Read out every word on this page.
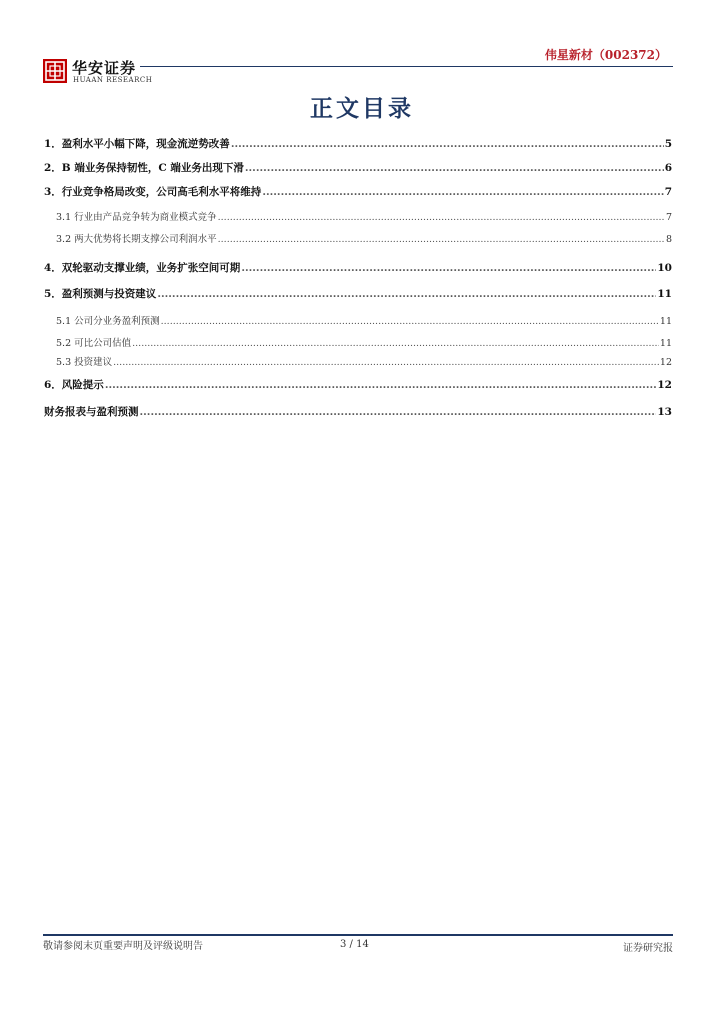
华安证券
HUAAN RESEARCH
伟星新材（002372）
正文目录
1．盈利水平小幅下降，现金流逆势改善 .....	5
2．B 端业务保持韧性，C 端业务出现下滑 .....	6
3．行业竞争格局改变，公司高毛利水平将维持 .....	7
3.1 行业由产品竞争转为商业模式竞争 .....	7
3.2 两大优势将长期支撑公司利润水平 .....	8
4．双轮驱动支撑业绩，业务扩张空间可期 .....	10
5．盈利预测与投资建议 .....	11
5.1 公司分业务盈利预测 .....	11
5.2 可比公司估值 .....	11
5.3 投资建议 .....	12
6．风险提示 .....	12
财务报表与盈利预测 .....	13
敬请参阅末页重要声明及评级说明告	3 / 14	证券研究报
